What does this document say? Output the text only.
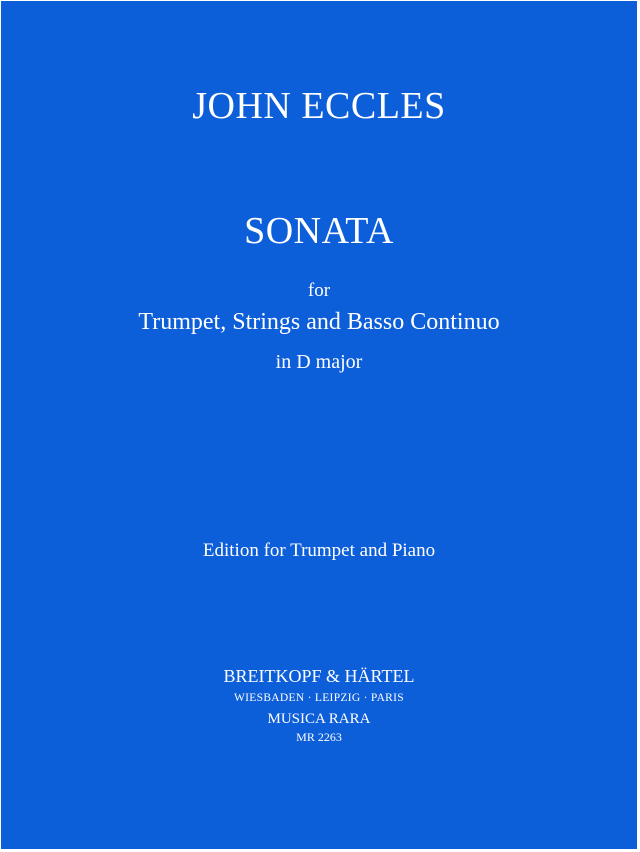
JOHN ECCLES
SONATA
for
Trumpet, Strings and Basso Continuo
in D major
Edition for Trumpet and Piano
BREITKOPF & HÄRTEL
WIESBADEN · LEIPZIG · PARIS
MUSICA RARA
MR 2263
